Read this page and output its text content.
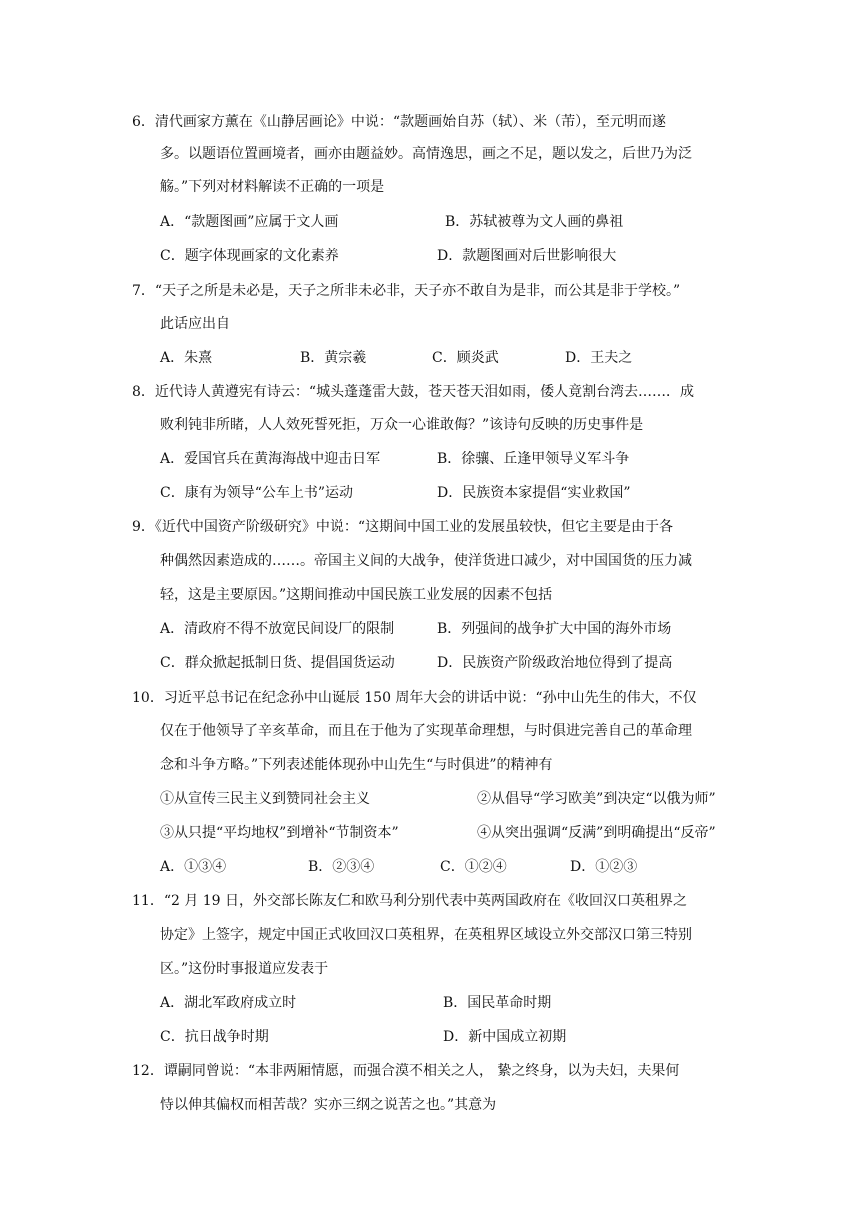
6．清代画家方薰在《山静居画论》中说：“款题画始自苏（轼）、米（芾），至元明而遂
多。以题语位置画境者，画亦由题益妙。高情逸思，画之不足，题以发之，后世乃为泛
觞。”下列对材料解读不正确的一项是
A．“款题图画”应属于文人画	B．苏轼被尊为文人画的鼻祖
C．题字体现画家的文化素养	D．款题图画对后世影响很大
7．“天子之所是未必是，天子之所非未必非，天子亦不敢自为是非，而公其是非于学校。”
此话应出自
A．朱熹	B．黄宗羲	C．顾炎武	D．王夫之
8．近代诗人黄遵宪有诗云：“城头蓬蓬雷大鼓，苍天苍天泪如雨，倭人竟割台湾去……．成
败利钝非所睹，人人效死誓死拒，万众一心谁敢侮？”该诗句反映的历史事件是
A．爱国官兵在黄海海战中迎击日军	B．徐骧、丘逢甲领导义军斗争
C．康有为领导“公车上书”运动	D．民族资本家提倡“实业救国”
9．《近代中国资产阶级研究》中说：“这期间中国工业的发展虽较快，但它主要是由于各
种偶然因素造成的……。帝国主义间的大战争，使洋货进口减少，对中国国货的压力减
轻，这是主要原因。”这期间推动中国民族工业发展的因素不包括
A．清政府不得不放宽民间设厂的限制	B．列强间的战争扩大中国的海外市场
C．群众掀起抵制日货、提倡国货运动	D．民族资产阶级政治地位得到了提高
10．习近平总书记在纪念孙中山诞辰 150 周年大会的讲话中说：“孙中山先生的伟大，不仅
仅在于他领导了辛亥革命，而且在于他为了实现革命理想，与时俱进完善自己的革命理
念和斗争方略。”下列表述能体现孙中山先生“与时俱进”的精神有
①从宣传三民主义到赞同社会主义	②从倡导“学习欧美”到决定“以俄为师”
③从只提“平均地权”到增补“节制资本”	④从突出强调“反满”到明确提出“反帝”
A．①③④	B．②③④	C．①②④	D．①②③
11．“2 月 19 日，外交部长陈友仁和欧马利分别代表中英两国政府在《收回汉口英租界之
协定》上签字，规定中国正式收回汉口英租界，在英租界区域设立外交部汉口第三特别
区。”这份时事报道应发表于
A．湖北军政府成立时	B．国民革命时期
C．抗日战争时期	D．新中国成立初期
12．谭嗣同曾说：“本非两厢情愿，而强合漠不相关之人， 絷之终身，以为夫妇，夫果何
恃以伸其偏权而相苦哉？实亦三纲之说苦之也。”其意为
